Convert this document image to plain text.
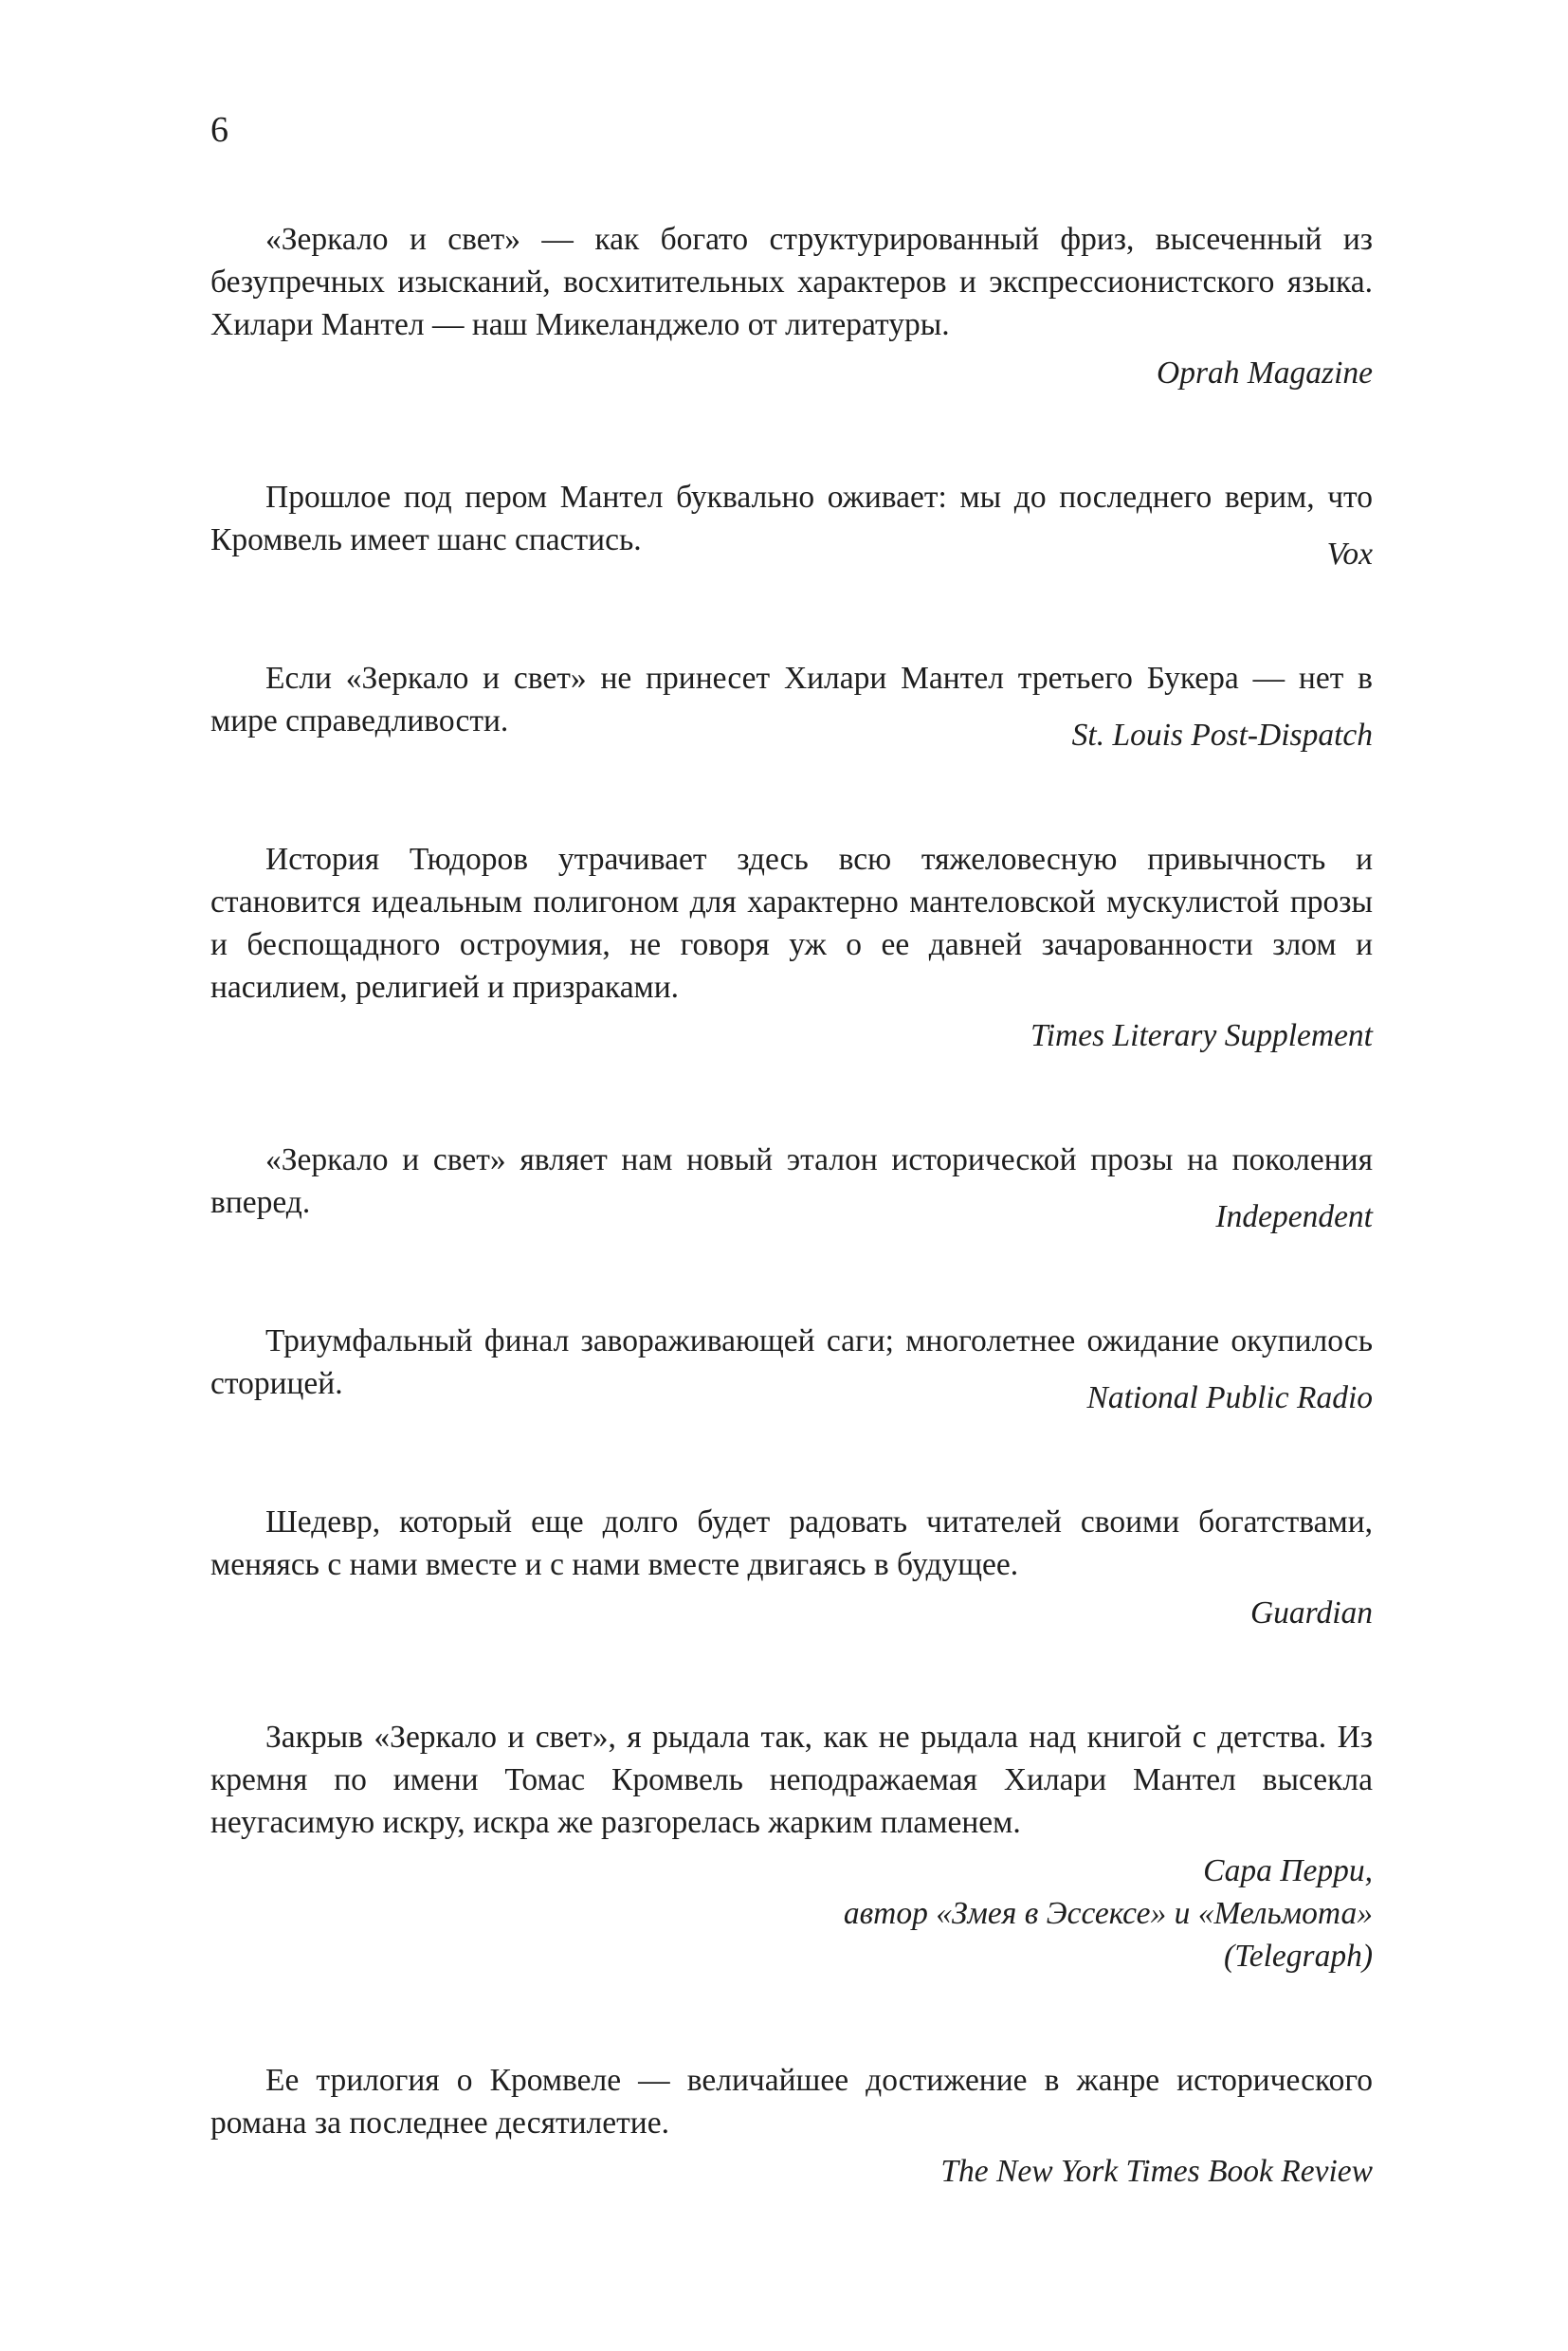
6

«Зеркало и свет» — как богато структурированный фриз, высеченный из безупречных изысканий, восхитительных характеров и экспрессионистского языка. Хилари Мантел — наш Микеланджело от литературы.

Oprah Magazine

Прошлое под пером Мантел буквально оживает: мы до последнего верим, что Кромвель имеет шанс спастись.	Vox

Если «Зеркало и свет» не принесет Хилари Мантел третьего Букера — нет в мире справедливости.	St. Louis Post-Dispatch

История Тюдоров утрачивает здесь всю тяжеловесную привычность и становится идеальным полигоном для характерно мантеловской мускулистой прозы и беспощадного остроумия, не говоря уж о ее давней зачарованности злом и насилием, религией и призраками.

Times Literary Supplement

«Зеркало и свет» являет нам новый эталон исторической прозы на поколения вперед.	Independent

Триумфальный финал завораживающей саги; многолетнее ожидание окупилось сторицей.	National Public Radio

Шедевр, который еще долго будет радовать читателей своими богатствами, меняясь с нами вместе и с нами вместе двигаясь в будущее.

Guardian

Закрыв «Зеркало и свет», я рыдала так, как не рыдала над книгой с детства. Из кремня по имени Томас Кромвель неподражаемая Хилари Мантел высекла неугасимую искру, искра же разгорелась жарким пламенем.

Сара Перри,
автор «Змея в Эссексе» и «Мельмота»
(Telegraph)

Ее трилогия о Кромвеле — величайшее достижение в жанре исторического романа за последнее десятилетие.

The New York Times Book Review
